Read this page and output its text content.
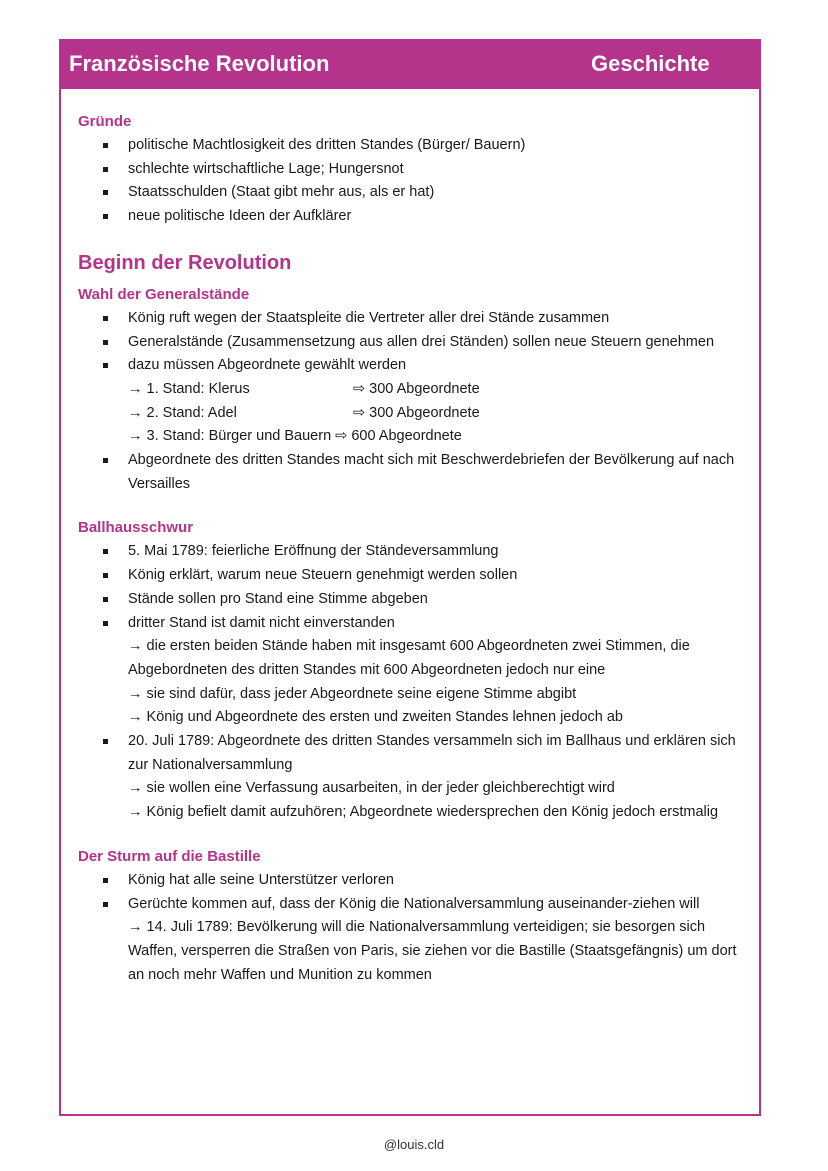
Französische Revolution	Geschichte

Gründe

politische Machtlosigkeit des dritten Standes (Bürger/ Bauern)
schlechte wirtschaftliche Lage; Hungersnot
Staatsschulden (Staat gibt mehr aus, als er hat)
neue politische Ideen der Aufklärer

Beginn der Revolution

Wahl der Generalstände

König ruft wegen der Staatspleite die Vertreter aller drei Stände zusammen
Generalstände (Zusammensetzung aus allen drei Ständen) sollen neue Steuern genehmen
dazu müssen Abgeordnete gewählt werden
→ 1. Stand: Klerus	⇨ 300 Abgeordnete
→ 2. Stand: Adel	⇨ 300 Abgeordnete
→ 3. Stand: Bürger und Bauern ⇨ 600 Abgeordnete
Abgeordnete des dritten Standes macht sich mit Beschwerdebriefen der Bevölkerung auf nach Versailles

Ballhausschwur

5. Mai 1789: feierliche Eröffnung der Ständeversammlung
König erklärt, warum neue Steuern genehmigt werden sollen
Stände sollen pro Stand eine Stimme abgeben
dritter Stand ist damit nicht einverstanden
→ die ersten beiden Stände haben mit insgesamt 600 Abgeordneten zwei Stimmen, die Abgebordneten des dritten Standes mit 600 Abgeordneten jedoch nur eine
→ sie sind dafür, dass jeder Abgeordnete seine eigene Stimme abgibt
→ König und Abgeordnete des ersten und zweiten Standes lehnen jedoch ab
20. Juli 1789: Abgeordnete des dritten Standes versammeln sich im Ballhaus und erklären sich zur Nationalversammlung
→ sie wollen eine Verfassung ausarbeiten, in der jeder gleichberechtigt wird
→ König befielt damit aufzuhören; Abgeordnete wiedersprechen den König jedoch erstmalig

Der Sturm auf die Bastille

König hat alle seine Unterstützer verloren
Gerüchte kommen auf, dass der König die Nationalversammlung auseinander-ziehen will
→ 14. Juli 1789: Bevölkerung will die Nationalversammlung verteidigen; sie besorgen sich Waffen, versperren die Straßen von Paris, sie ziehen vor die Bastille (Staatsgefängnis) um dort an noch mehr Waffen und Munition zu kommen
@louis.cld
